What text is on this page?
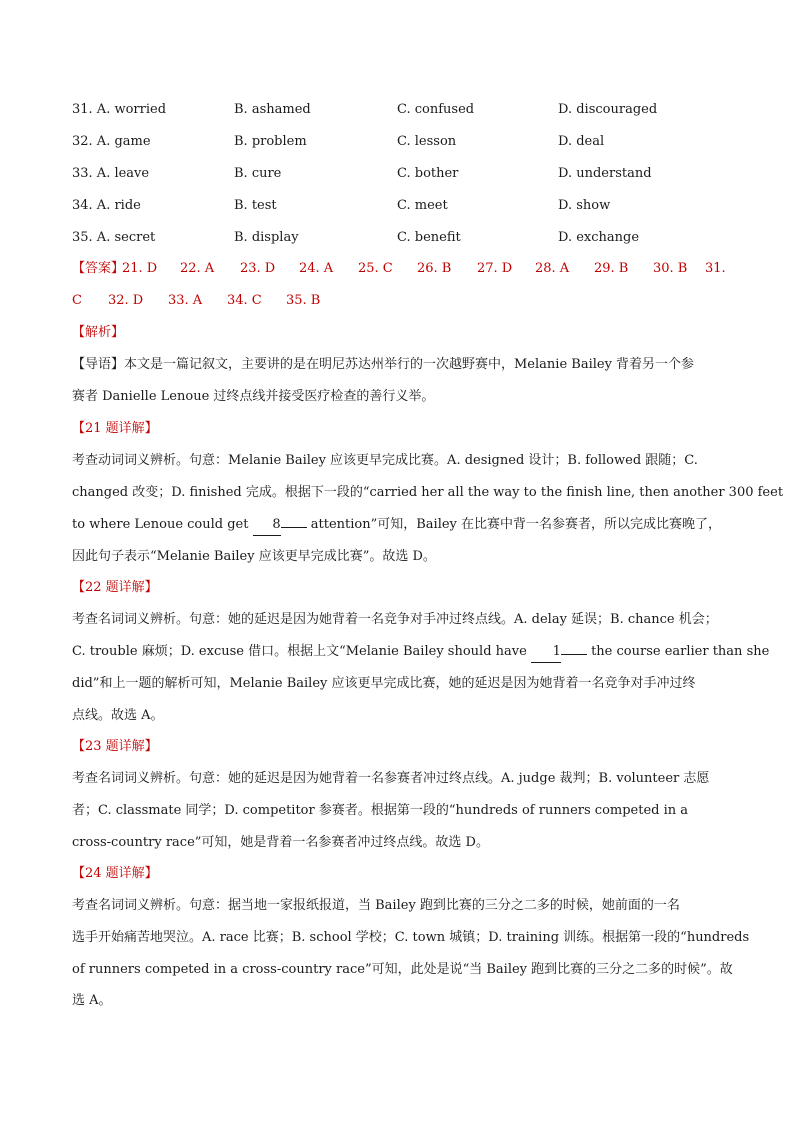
31. A. worried	B. ashamed	C. confused	D. discouraged
32. A. game	B. problem	C. lesson	D. deal
33. A. leave	B. cure	C. bother	D. understand
34. A. ride	B. test	C. meet	D. show
35. A. secret	B. display	C. benefit	D. exchange
【答案】
21. D 22. A 23. D 24. A 25. C 26. B 27. D 28. A 29. B 30. B 31.
C 32. D 33. A 34. C 35. B
【解析】
【导语】本文是一篇记叙文，主要讲的是在明尼苏达州举行的一次越野赛中，Melanie Bailey 背着另一个参
赛者 Danielle Lenoue 过终点线并接受医疗检查的善行义举。
【21 题详解】
考查动词词义辨析。句意：Melanie Bailey 应该更早完成比赛。A. designed 设计；B. followed 跟随；C.
changed 改变；D. finished 完成。根据下一段的“carried her all the way to the finish line, then another 300 feet
to where Lenoue could get 8 attention”可知，Bailey 在比赛中背一名参赛者，所以完成比赛晚了，
因此句子表示“Melanie Bailey 应该更早完成比赛”。故选 D。
【22 题详解】
考查名词词义辨析。句意：她的延迟是因为她背着一名竞争对手冲过终点线。A. delay 延误；B. chance 机会；
C. trouble 麻烦；D. excuse 借口。根据上文“Melanie Bailey should have 1 the course earlier than she
did”和上一题的解析可知，Melanie Bailey 应该更早完成比赛，她的延迟是因为她背着一名竞争对手冲过终
点线。故选 A。
【23 题详解】
考查名词词义辨析。句意：她的延迟是因为她背着一名参赛者冲过终点线。A. judge 裁判；B. volunteer 志愿
者；C. classmate 同学；D. competitor 参赛者。根据第一段的“hundreds of runners competed in a
cross-country race”可知，她是背着一名参赛者冲过终点线。故选 D。
【24 题详解】
考查名词词义辨析。句意：据当地一家报纸报道，当 Bailey 跑到比赛的三分之二多的时候，她前面的一名
选手开始痛苦地哭泣。A. race 比赛；B. school 学校；C. town 城镇；D. training 训练。根据第一段的“hundreds
of runners competed in a cross-country race”可知，此处是说“当 Bailey 跑到比赛的三分之二多的时候”。故
选 A。
